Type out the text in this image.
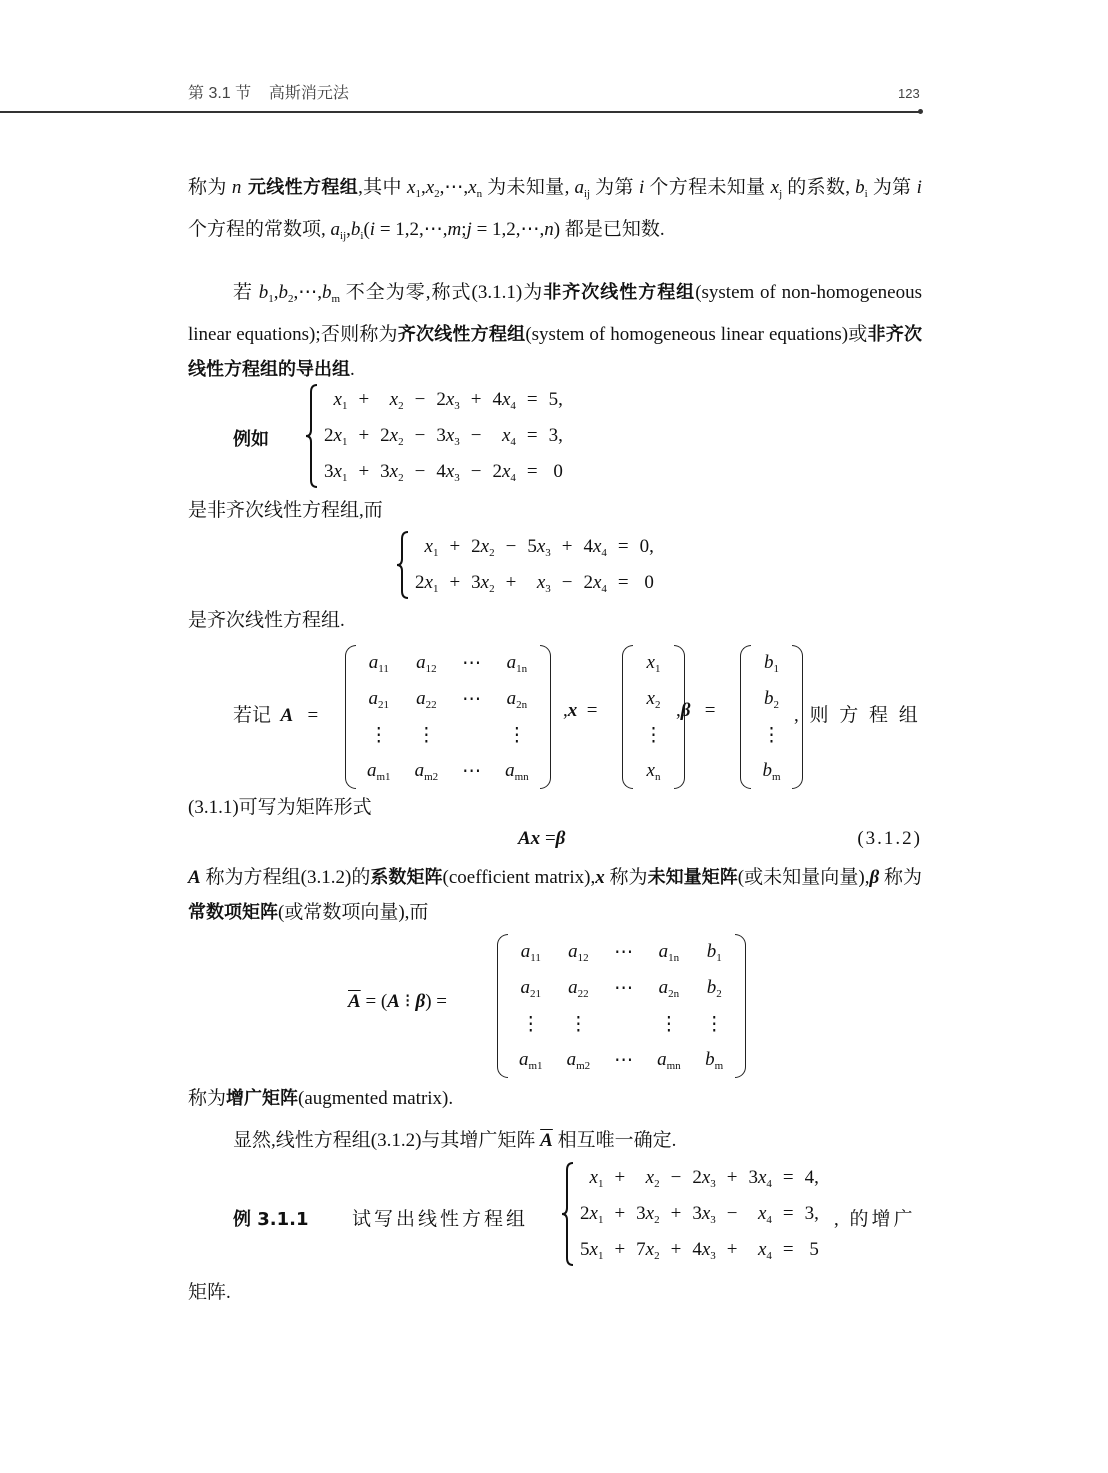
第 3.1 节 高斯消元法	123
称为 n 元线性方程组,其中 $x_1,x_2,\cdots,x_n$ 为未知量, $a_{ij}$ 为第 i 个方程未知量 $x_j$ 的系数, $b_i$ 为第 i 个方程的常数项, $a_{ij},b_i(i$ = 1,2,⋯,m;j = 1,2,⋯,n) 都是已知数.
若 $b_1,b_2,\cdots,b_m$ 不全为零,称式(3.1.1)为非齐次线性方程组(system of non-homogeneous linear equations);否则称为齐次线性方程组(system of homogeneous linear equations)或非齐次线性方程组的导出组.
例如
$x_1$	+	$x_2$	−	$2x_3$	+	$4x_4$	=	5,
$2x_1$	+	$2x_2$	−	$3x_3$	−	$x_4$	=	3,
$3x_1$	+	$3x_2$	−	$4x_3$	−	$2x_4$	=	0
是非齐次线性方程组,而
$x_1$	+	$2x_2$	−	$5x_3$	+	$4x_4$	=	0,
$2x_1$	+	$3x_2$	+	$x_3$	−	$2x_4$	=	0
是齐次线性方程组.
若记 A =
$a_{11}$	$a_{12}$	⋯	$a_{1n}$
$a_{21}$	$a_{22}$	⋯	$a_{2n}$
⋮	⋮		⋮
$a_{m1}$	$a_{m2}$	⋯	$a_{mn}$
,x =
$x_1$
$x_2$
⋮
$x_n$
,β =
$b_1$
$b_2$
⋮
$b_m$
, 则 方 程 组
(3.1.1)可写为矩阵形式
Ax =β	(3.1.2)
A 称为方程组(3.1.2)的系数矩阵(coefficient matrix),x 称为未知量矩阵(或未知量向量),β 称为常数项矩阵(或常数项向量),而
$\overline{A} = (A$ ⁝ β) =
$a_{11}$	$a_{12}$	⋯	$a_{1n}$	$b_1$
$a_{21}$	$a_{22}$	⋯	$a_{2n}$	$b_2$
⋮	⋮		⋮	⋮
$a_{m1}$	$a_{m2}$	⋯	$a_{mn}$	$b_m$
称为增广矩阵(augmented matrix).
显然,线性方程组(3.1.2)与其增广矩阵 $\overline{A}$ 相互唯一确定.
例 3.1.1 试写出线性方程组
$x_1$	+	$x_2$	−	$2x_3$	+	$3x_4$	=	4,
$2x_1$	+	$3x_2$	+	$3x_3$	−	$x_4$	=	3,
$5x_1$	+	$7x_2$	+	$4x_3$	+	$x_4$	=	5
, 的增广
矩阵.
